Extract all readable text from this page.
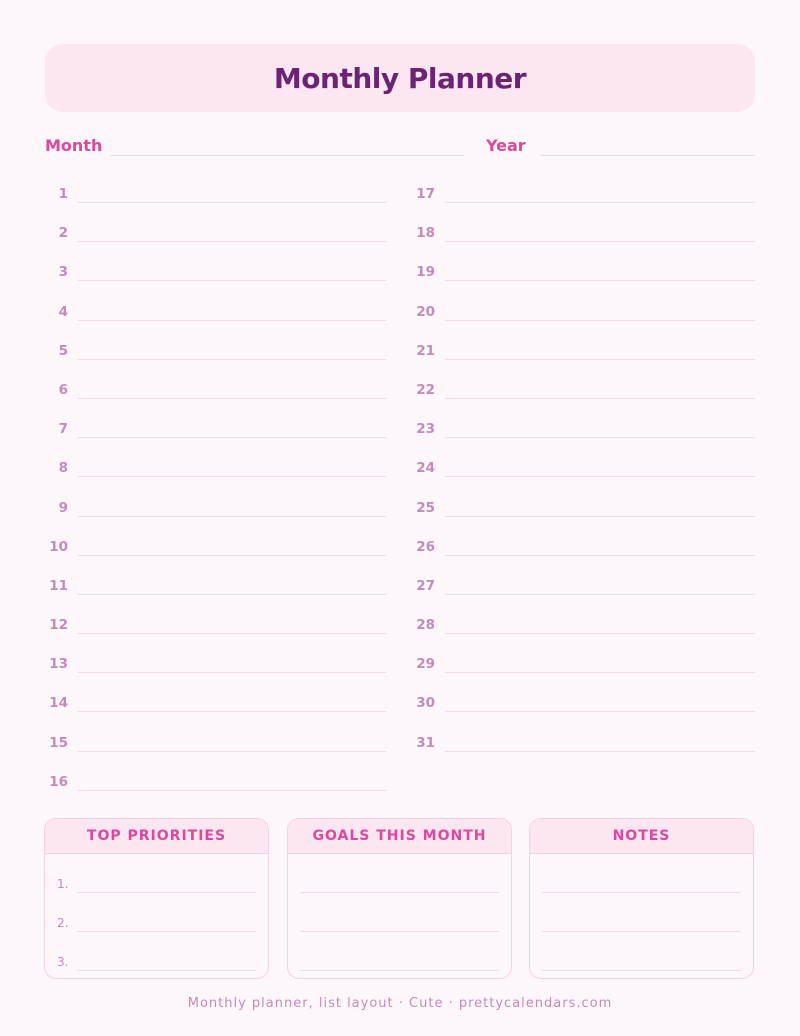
Monthly Planner
Month	Year
1
2
3
4
5
6
7
8
9
10
11
12
13
14
15
16
17
18
19
20
21
22
23
24
25
26
27
28
29
30
31
TOP PRIORITIES
1.
2.
3.
GOALS THIS MONTH	NOTES
Monthly planner, list layout · Cute · prettycalendars.com
